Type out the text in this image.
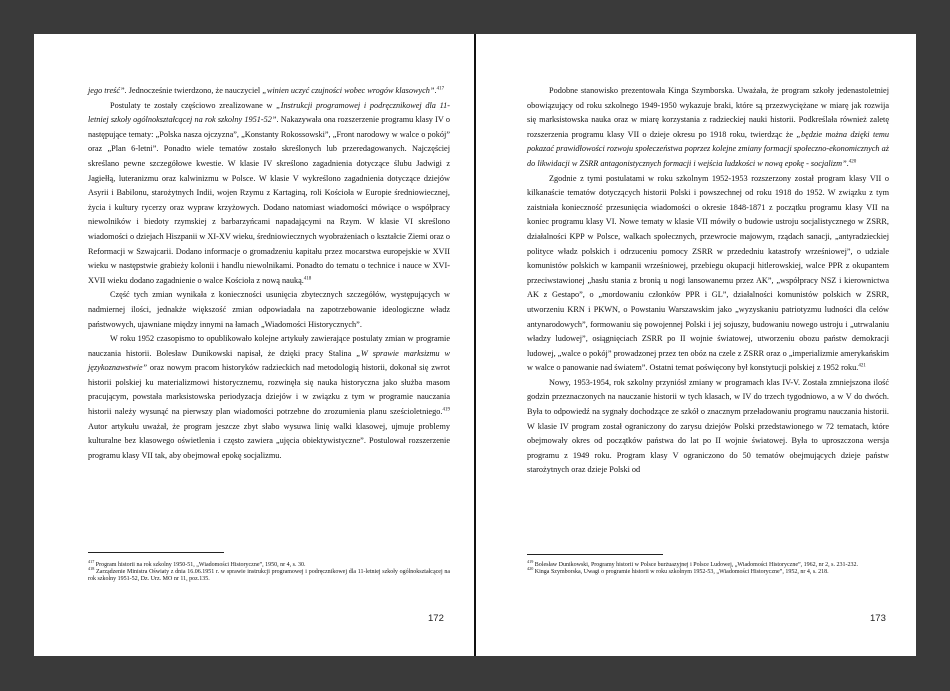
jego treść”. Jednocześnie twierdzono, że nauczyciel „winien uczyć czujności wobec wrogów klasowych”.$^{417}$

Postulaty te zostały częściowo zrealizowane w „Instrukcji programowej i podręcznikowej dla 11-letniej szkoły ogólnokształcącej na rok szkolny 1951-52”. Nakazywała ona rozszerzenie programu klasy IV o następujące tematy: „Polska nasza ojczyzna”, „Konstanty Rokossowski”, „Front narodowy w walce o pokój” oraz „Plan 6-letni”. Ponadto wiele tematów zostało skreślonych lub przeredagowanych. Najczęściej skreślano pewne szczegółowe kwestie. W klasie IV skreślono zagadnienia dotyczące ślubu Jadwigi z Jagiełłą, luteranizmu oraz kalwinizmu w Polsce. W klasie V wykreślono zagadnienia dotyczące dziejów Asyrii i Babilonu, starożytnych Indii, wojen Rzymu z Kartaginą, roli Kościoła w Europie średniowiecznej, życia i kultury rycerzy oraz wypraw krzyżowych. Dodano natomiast wiadomości mówiące o współpracy niewolników i biedoty rzymskiej z barbarzyńcami napadającymi na Rzym. W klasie VI skreślono wiadomości o dziejach Hiszpanii w XI-XV wieku, średniowiecznych wyobrażeniach o kształcie Ziemi oraz o Reformacji w Szwajcarii. Dodano informacje o gromadzeniu kapitału przez mocarstwa europejskie w XVII wieku w następstwie grabieży kolonii i handlu niewolnikami. Ponadto do tematu o technice i nauce w XVI-XVII wieku dodano zagadnienie o walce Kościoła z nową nauką.$^{418}$

Część tych zmian wynikała z konieczności usunięcia zbytecznych szczegółów, występujących w nadmiernej ilości, jednakże większość zmian odpowiadała na zapotrzebowanie ideologiczne władz państwowych, ujawniane między innymi na łamach „Wiadomości Historycznych”.

W roku 1952 czasopismo to opublikowało kolejne artykuły zawierające postulaty zmian w programie nauczania historii. Bolesław Dunikowski napisał, że dzięki pracy Stalina „W sprawie marksizmu w językoznawstwie” oraz nowym pracom historyków radzieckich nad metodologią historii, dokonał się zwrot historii polskiej ku materializmowi historycznemu, rozwinęła się nauka historyczna jako służba masom pracującym, powstała marksistowska periodyzacja dziejów i w związku z tym w programie nauczania historii należy wysunąć na pierwszy plan wiadomości potrzebne do zrozumienia planu sześcioletniego.$^{419}$ Autor artykułu uważał, że program jeszcze zbyt słabo wysuwa linię walki klasowej, ujmuje problemy kulturalne bez klasowego oświetlenia i często zawiera „ujęcia obiektywistyczne”. Postulował rozszerzenie programu klasy VII tak, aby obejmował epokę socjalizmu.

$^{417}$ Program historii na rok szkolny 1950-51, „Wiadomości Historyczne”, 1950, nr 4, s. 30.

$^{418}$ Zarządzenie Ministra Oświaty z dnia 16.06.1951 r. w sprawie instrukcji programowej i podręcznikowej dla 11-letniej szkoły ogólnokształcącej na rok szkolny 1951-52, Dz. Urz. MO nr 11, poz.135.

172

Podobne stanowisko prezentowała Kinga Szymborska. Uważała, że program szkoły jedenastoletniej obowiązujący od roku szkolnego 1949-1950 wykazuje braki, które są przezwyciężane w miarę jak rozwija się marksistowska nauka oraz w miarę korzystania z radzieckiej nauki historii. Podkreślała również zaletę rozszerzenia programu klasy VII o dzieje okresu po 1918 roku, twierdząc że „będzie można dzięki temu pokazać prawidłowości rozwoju społeczeństwa poprzez kolejne zmiany formacji społeczno-ekonomicznych aż do likwidacji w ZSRR antagonistycznych formacji i wejścia ludzkości w nową epokę - socjalizm”.$^{420}$

Zgodnie z tymi postulatami w roku szkolnym 1952-1953 rozszerzony został program klasy VII o kilkanaście tematów dotyczących historii Polski i powszechnej od roku 1918 do 1952. W związku z tym zaistniała konieczność przesunięcia wiadomości o okresie 1848-1871 z początku programu klasy VII na koniec programu klasy VI. Nowe tematy w klasie VII mówiły o budowie ustroju socjalistycznego w ZSRR, działalności KPP w Polsce, walkach społecznych, przewrocie majowym, rządach sanacji, „antyradzieckiej polityce władz polskich i odrzuceniu pomocy ZSRR w przededniu katastrofy wrześniowej”, o udziale komunistów polskich w kampanii wrześniowej, przebiegu okupacji hitlerowskiej, walce PPR z okupantem przeciwstawionej „hasłu stania z bronią u nogi lansowanemu przez AK”, „współpracy NSZ i kierownictwa AK z Gestapo”, o „mordowaniu członków PPR i GL”, działalności komunistów polskich w ZSRR, utworzeniu KRN i PKWN, o Powstaniu Warszawskim jako „wyzyskaniu patriotyzmu ludności dla celów antynarodowych”, formowaniu się powojennej Polski i jej sojuszy, budowaniu nowego ustroju i „utrwalaniu władzy ludowej”, osiągnięciach ZSRR po II wojnie światowej, utworzeniu obozu państw demokracji ludowej, „walce o pokój” prowadzonej przez ten obóz na czele z ZSRR oraz o „imperializmie amerykańskim w walce o panowanie nad światem”. Ostatni temat poświęcony był konstytucji polskiej z 1952 roku.$^{421}$

Nowy, 1953-1954, rok szkolny przyniósł zmiany w programach klas IV-V. Została zmniejszona ilość godzin przeznaczonych na nauczanie historii w tych klasach, w IV do trzech tygodniowo, a w V do dwóch. Była to odpowiedź na sygnały dochodzące ze szkół o znacznym przeładowaniu programu nauczania historii. W klasie IV program został ograniczony do zarysu dziejów Polski przedstawionego w 72 tematach, które obejmowały okres od początków państwa do lat po II wojnie światowej. Była to uproszczona wersja programu z 1949 roku. Program klasy V ograniczono do 50 tematów obejmujących dzieje państw starożytnych oraz dzieje Polski od

$^{419}$ Bolesław Dunikowski, Programy historii w Polsce burżuazyjnej i Polsce Ludowej, „Wiadomości Historyczne”, 1962, nr 2, s. 231-232.

$^{420}$ Kinga Szymborska, Uwagi o programie historii w roku szkolnym 1952-53, „Wiadomości Historyczne”, 1952, nr 4, s. 218.

173
